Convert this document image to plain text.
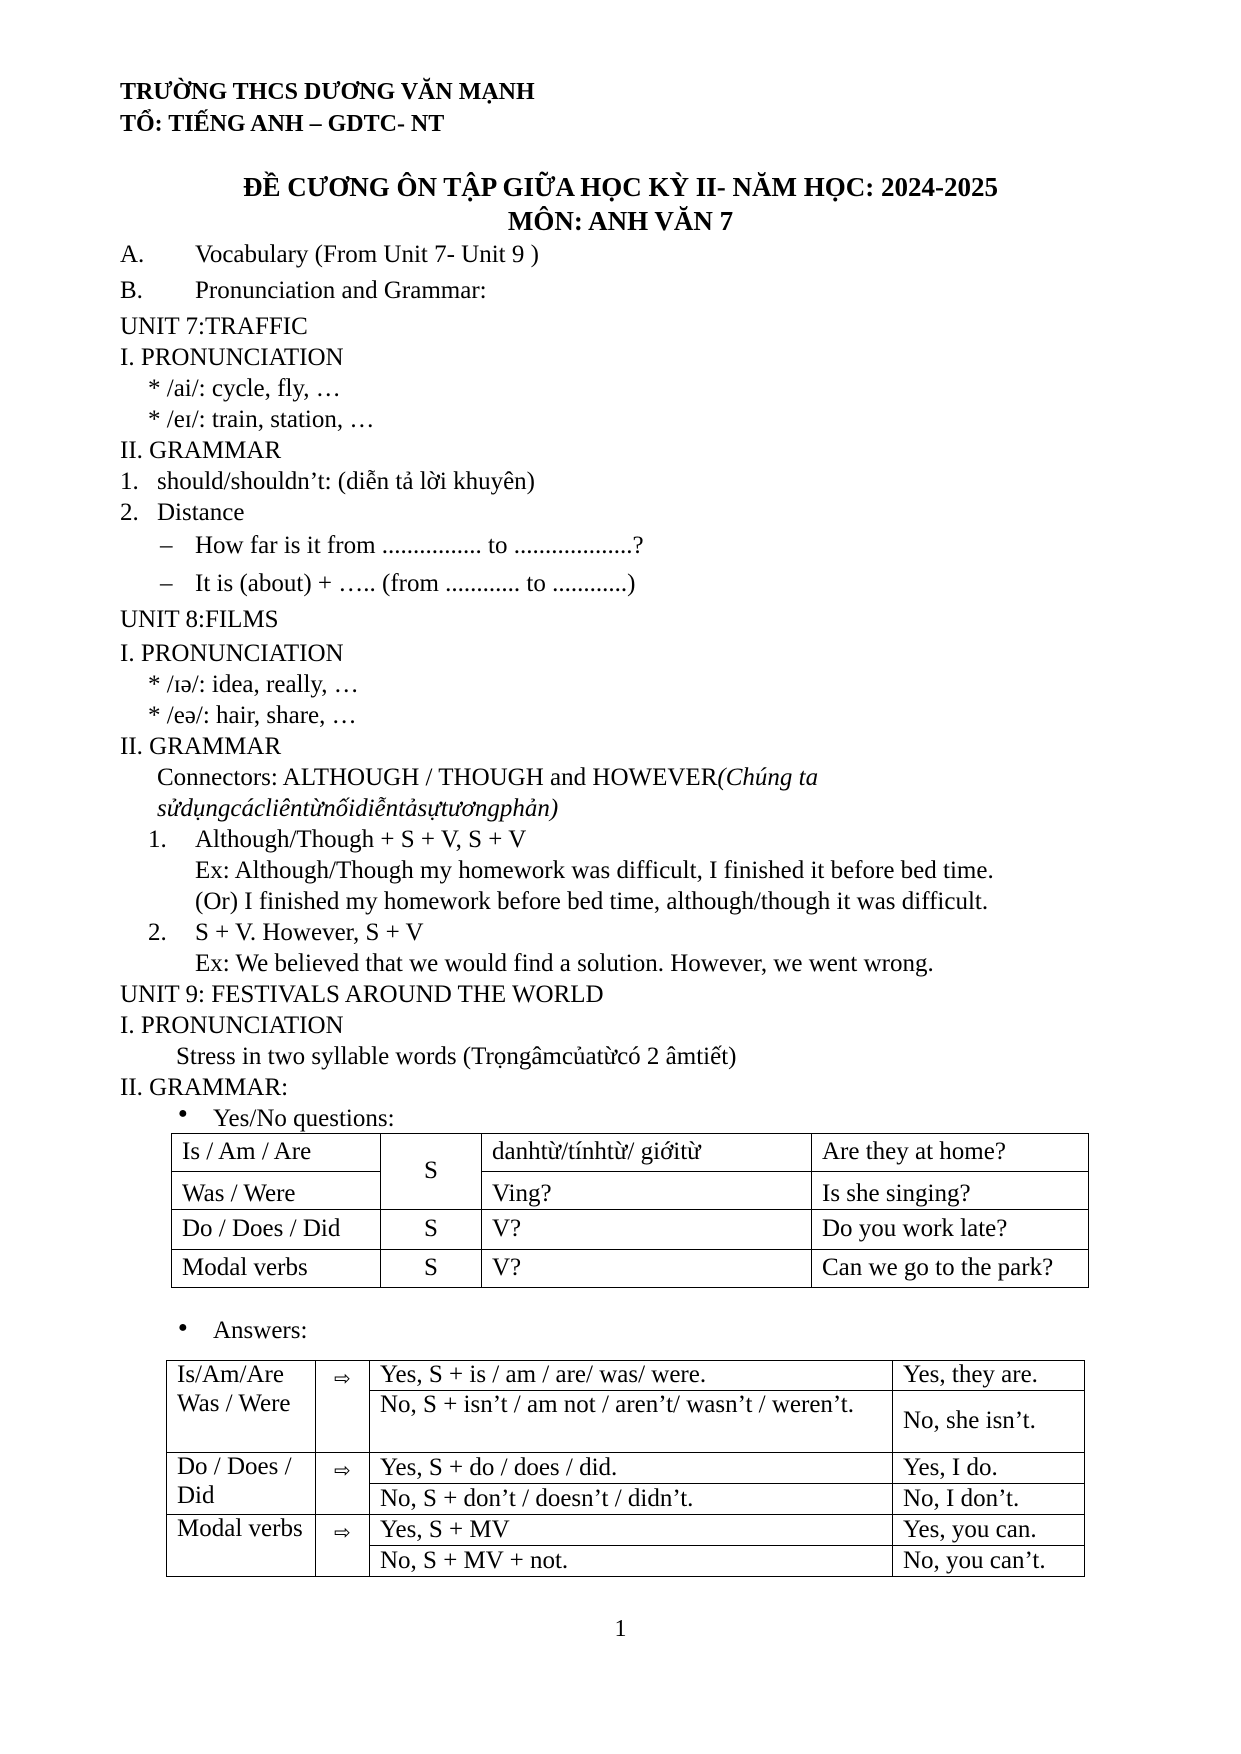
TRƯỜNG THCS DƯƠNG VĂN MẠNH
TỔ: TIẾNG ANH – GDTC- NT
ĐỀ CƯƠNG ÔN TẬP GIỮA HỌC KỲ II- NĂM HỌC: 2024-2025
MÔN: ANH VĂN 7
A. Vocabulary (From Unit 7- Unit 9 )
B. Pronunciation and Grammar:
UNIT 7:TRAFFIC
I. PRONUNCIATION
* /ai/: cycle, fly, …
* /eɪ/: train, station, …
II. GRAMMAR
1. should/shouldn’t: (diễn tả lời khuyên)
2. Distance
– How far is it from ................ to ...................?
– It is (about) + ….. (from ............ to ............)
UNIT 8:FILMS
I. PRONUNCIATION
* /ɪə/: idea, really, …
* /eə/: hair, share, …
II. GRAMMAR
Connectors: ALTHOUGH / THOUGH and HOWEVER(Chúng ta
sửdụngcácliêntừnốidiễntảsựtươngphản)
1. Although/Though + S + V, S + V
Ex: Although/Though my homework was difficult, I finished it before bed time.
(Or) I finished my homework before bed time, although/though it was difficult.
2. S + V. However, S + V
Ex: We believed that we would find a solution. However, we went wrong.
UNIT 9: FESTIVALS AROUND THE WORLD
I. PRONUNCIATION
Stress in two syllable words (Trọngâmcủatừcó 2 âmtiết)
II. GRAMMAR:
● Yes/No questions:
Is / Am / Are	S	danhtừ/tínhtừ/ giớitừ	Are they at home?
Was / Were		Ving?	Is she singing?
Do / Does / Did	S	V?	Do you work late?
Modal verbs	S	V?	Can we go to the park?
● Answers:
Is/Am/Are Was / Were	⇨	Yes, S + is / am / are/ was/ were.	Yes, they are.
		No, S + isn’t / am not / aren’t/ wasn’t / weren’t.	No, she isn’t.
Do / Does / Did	⇨	Yes, S + do / does / did.	Yes, I do.
		No, S + don’t / doesn’t / didn’t.	No, I don’t.
Modal verbs	⇨	Yes, S + MV	Yes, you can.
		No, S + MV + not.	No, you can’t.
1
